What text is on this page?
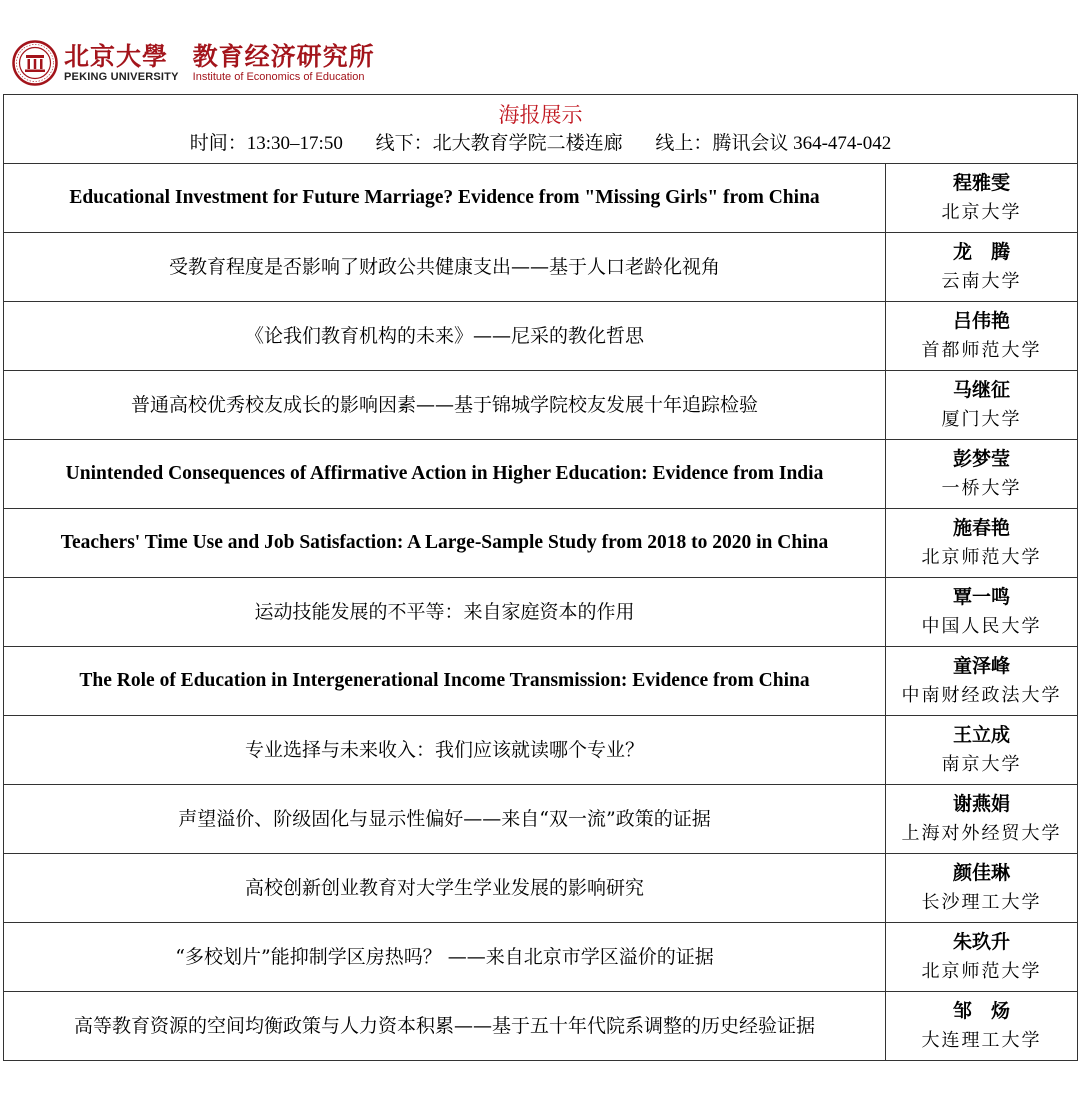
北京大學
PEKING UNIVERSITY
教育经济研究所
Institute of Economics of Education
海报展示
时间：13:30–17:50 线下：北大教育学院二楼连廊 线上：腾讯会议 364-474-042	

Educational Investment for Future Marriage? Evidence from "Missing Girls" from China	程雅雯
北京大学

受教育程度是否影响了财政公共健康支出——基于人口老龄化视角	龙　腾
云南大学

《论我们教育机构的未来》——尼采的教化哲思	吕伟艳
首都师范大学

普通高校优秀校友成长的影响因素——基于锦城学院校友发展十年追踪检验	马继征
厦门大学

Unintended Consequences of Affirmative Action in Higher Education: Evidence from India	彭梦莹
一桥大学

Teachers' Time Use and Job Satisfaction: A Large-Sample Study from 2018 to 2020 in China	施春艳
北京师范大学

运动技能发展的不平等：来自家庭资本的作用	覃一鸣
中国人民大学

The Role of Education in Intergenerational Income Transmission: Evidence from China	童泽峰
中南财经政法大学

专业选择与未来收入：我们应该就读哪个专业？	王立成
南京大学

声望溢价、阶级固化与显示性偏好——来自“双一流”政策的证据	谢燕娟
上海对外经贸大学

高校创新创业教育对大学生学业发展的影响研究	颜佳琳
长沙理工大学

“多校划片”能抑制学区房热吗？ ——来自北京市学区溢价的证据	朱玖升
北京师范大学

高等教育资源的空间均衡政策与人力资本积累——基于五十年代院系调整的历史经验证据	邹　炀
大连理工大学
